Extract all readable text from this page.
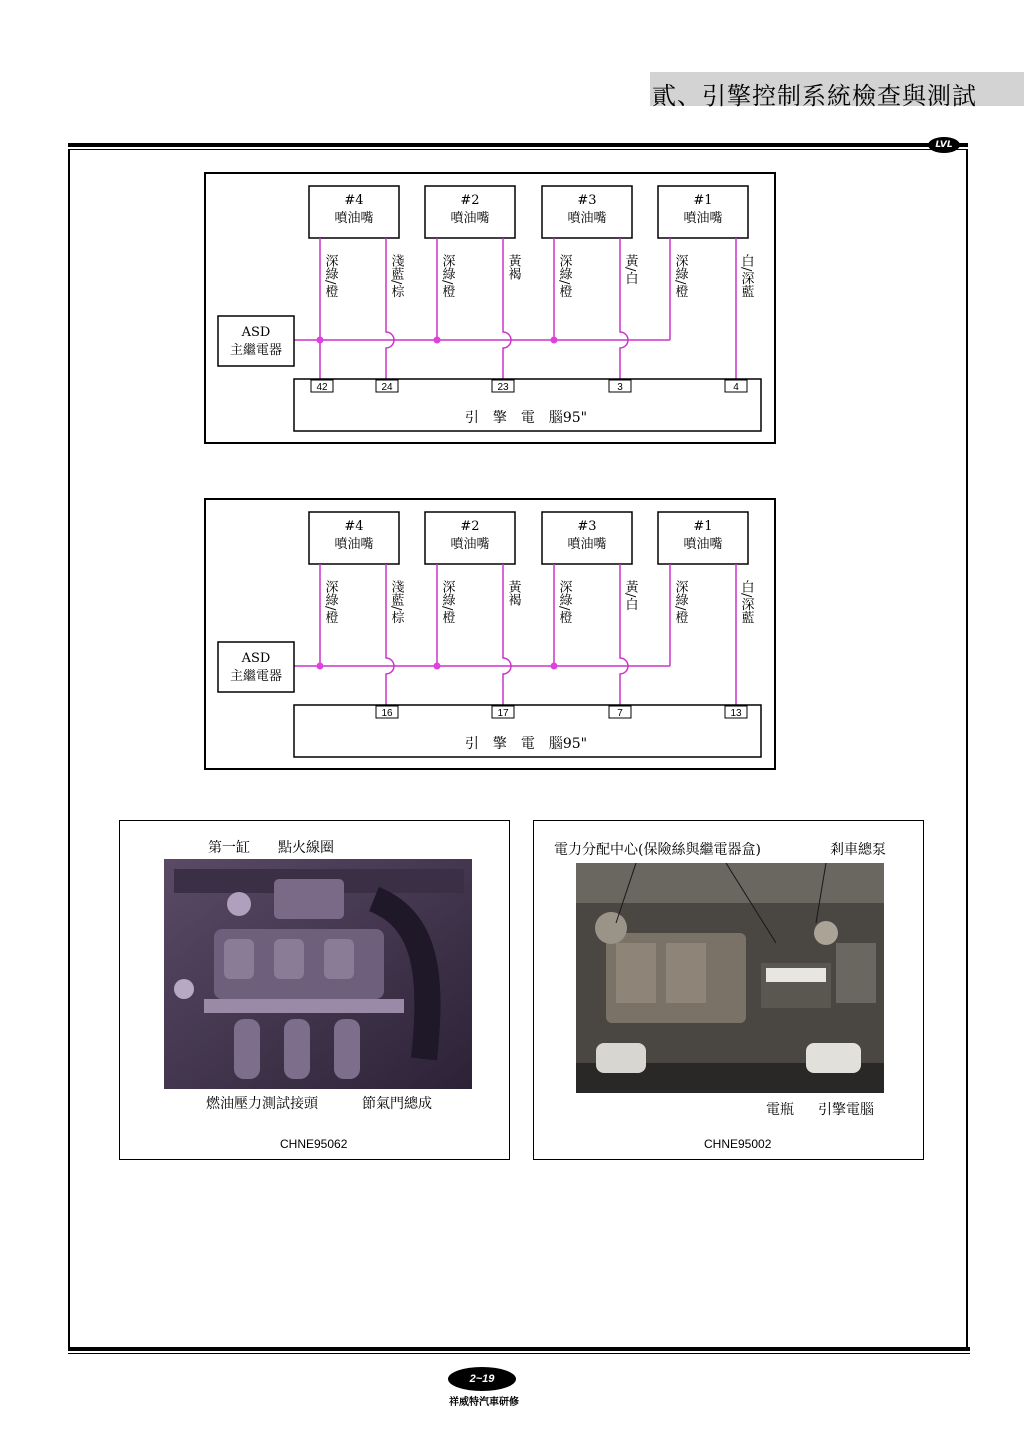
貳、引擎控制系統檢查與測試
LVL
#4
噴油嘴
#2
噴油嘴
#3
噴油嘴
#1
噴油嘴
深綠/橙	淺藍/棕	深綠/橙	黃褐	深綠/橙	黃/白	深綠/橙	白/深藍
ASD
主繼電器
引　擎　電　腦95"
42	24	23	3	4
#4
噴油嘴
#2
噴油嘴
#3
噴油嘴
#1
噴油嘴
深綠/橙	淺藍/棕	深綠/橙	黃褐	深綠/橙	黃/白	深綠/橙	白/深藍
ASD
主繼電器
引　擎　電　腦95"
16	17	7	13
第一缸 點火線圈
燃油壓力測試接頭	節氣門總成
CHNE95062
電力分配中心(保險絲與繼電器盒)	剎車總泵
電瓶 引擎電腦
CHNE95002
2~19
祥威特汽車研修
